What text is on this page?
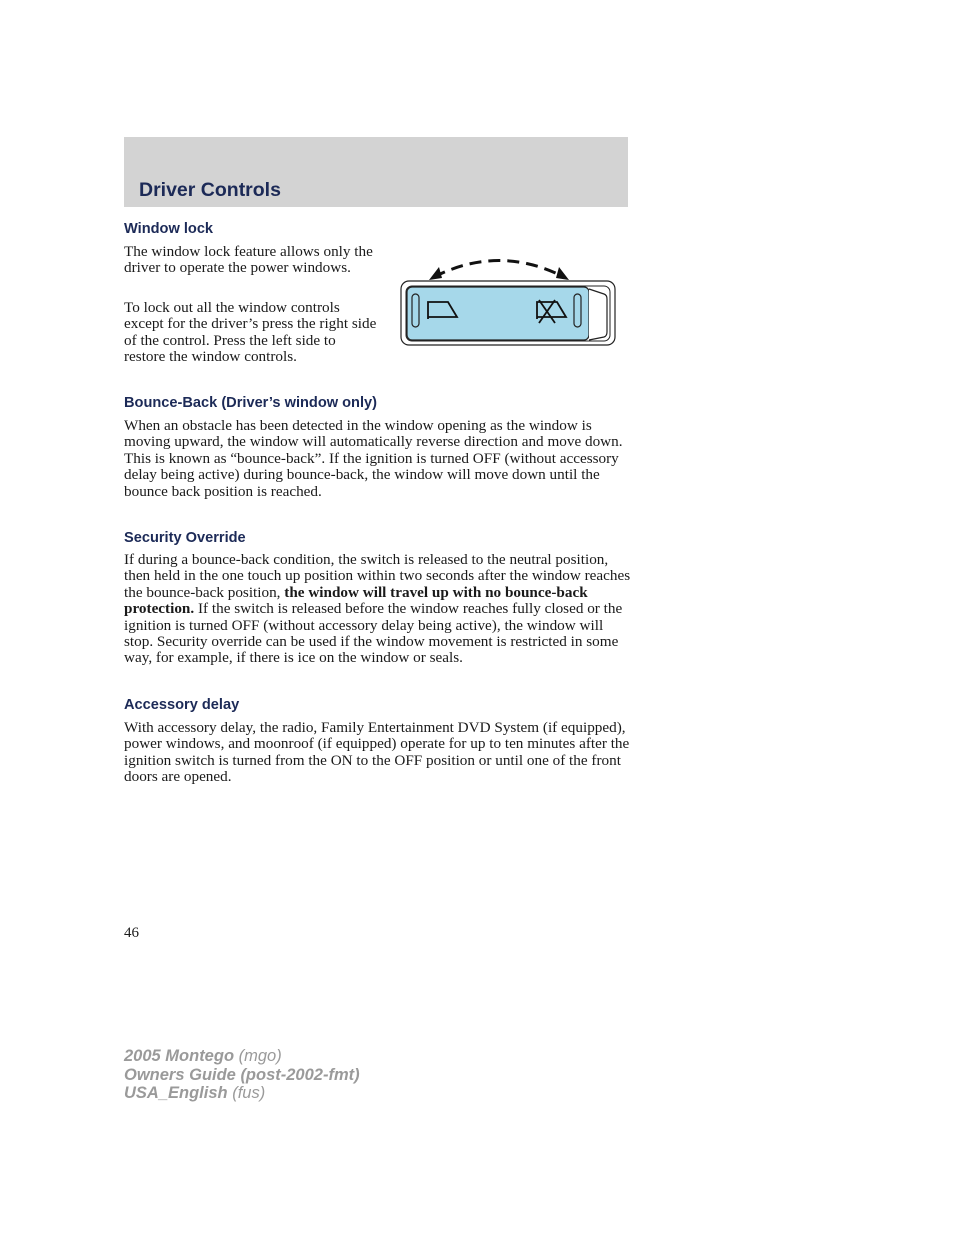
Driver Controls
Window lock

The window lock feature allows only the driver to operate the power windows.

To lock out all the window controls except for the driver’s press the right side of the control. Press the left side to restore the window controls.

Bounce-Back (Driver’s window only)

When an obstacle has been detected in the window opening as the window is moving upward, the window will automatically reverse direction and move down. This is known as “bounce-back”. If the ignition is turned OFF (without accessory delay being active) during bounce-back, the window will move down until the bounce back position is reached.

Security Override

If during a bounce-back condition, the switch is released to the neutral position, then held in the one touch up position within two seconds after the window reaches the bounce-back position, the window will travel up with no bounce-back protection. If the switch is released before the window reaches fully closed or the ignition is turned OFF (without accessory delay being active), the window will stop. Security override can be used if the window movement is restricted in some way, for example, if there is ice on the window or seals.

Accessory delay

With accessory delay, the radio, Family Entertainment DVD System (if equipped), power windows, and moonroof (if equipped) operate for up to ten minutes after the ignition switch is turned from the ON to the OFF position or until one of the front doors are opened.

46

2005 Montego (mgo)

Owners Guide (post-2002-fmt)

USA_English (fus)
